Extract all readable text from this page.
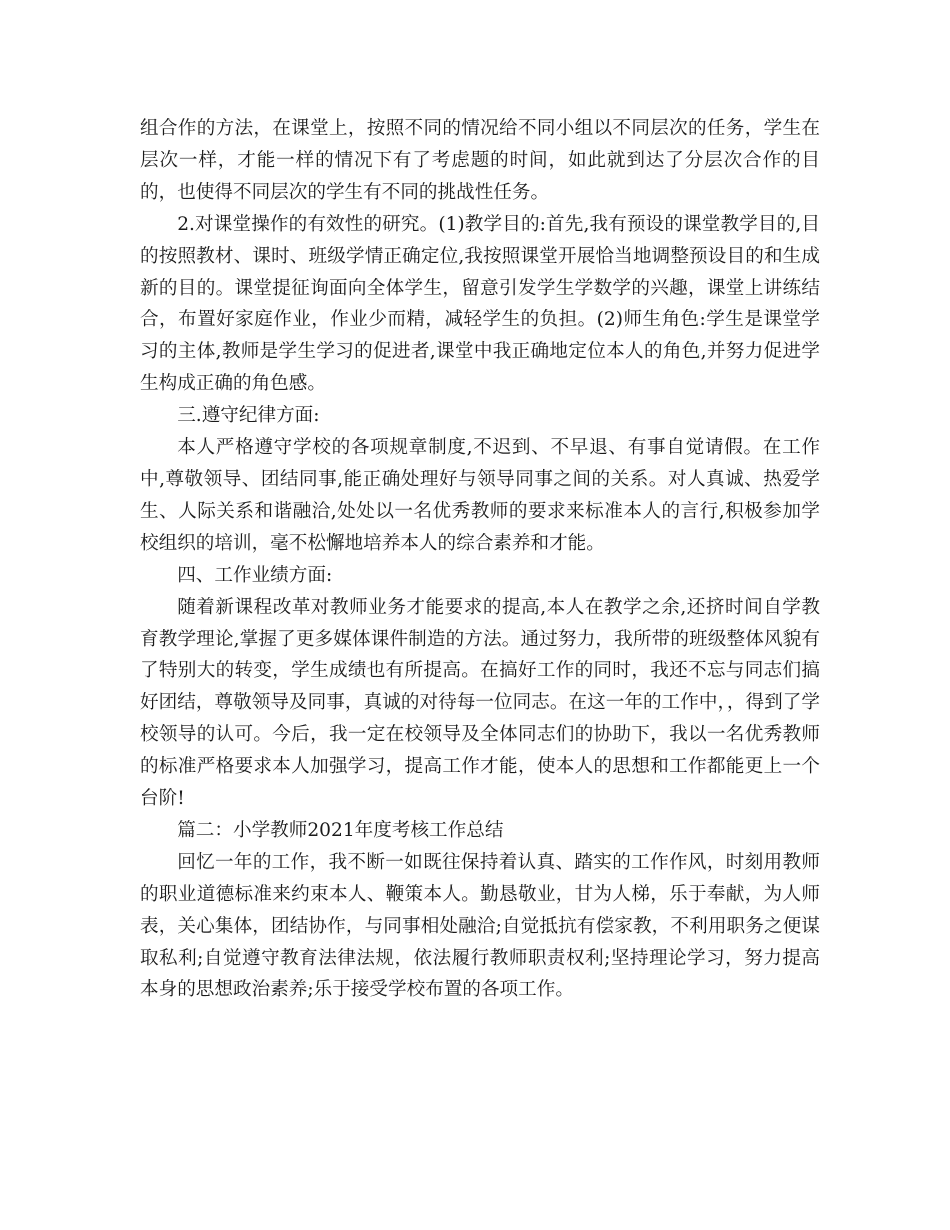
组合作的方法，在课堂上，按照不同的情况给不同小组以不同层次的任务，学生在层次一样，才能一样的情况下有了考虑题的时间，如此就到达了分层次合作的目的，也使得不同层次的学生有不同的挑战性任务。

2.对课堂操作的有效性的研究。(1)教学目的:首先,我有预设的课堂教学目的,目的按照教材、课时、班级学情正确定位,我按照课堂开展恰当地调整预设目的和生成新的目的。课堂提征询面向全体学生，留意引发学生学数学的兴趣，课堂上讲练结合，布置好家庭作业，作业少而精，减轻学生的负担。(2)师生角色:学生是课堂学习的主体,教师是学生学习的促进者,课堂中我正确地定位本人的角色,并努力促进学生构成正确的角色感。

三.遵守纪律方面:

本人严格遵守学校的各项规章制度,不迟到、不早退、有事自觉请假。在工作中,尊敬领导、团结同事,能正确处理好与领导同事之间的关系。对人真诚、热爱学生、人际关系和谐融洽,处处以一名优秀教师的要求来标准本人的言行,积极参加学校组织的培训，毫不松懈地培养本人的综合素养和才能。

四、工作业绩方面:

随着新课程改革对教师业务才能要求的提高,本人在教学之余,还挤时间自学教育教学理论,掌握了更多媒体课件制造的方法。通过努力，我所带的班级整体风貌有了特别大的转变，学生成绩也有所提高。在搞好工作的同时，我还不忘与同志们搞好团结，尊敬领导及同事，真诚的对待每一位同志。在这一年的工作中，，得到了学校领导的认可。今后，我一定在校领导及全体同志们的协助下，我以一名优秀教师的标准严格要求本人加强学习，提高工作才能，使本人的思想和工作都能更上一个台阶!

篇二：小学教师2021年度考核工作总结

回忆一年的工作，我不断一如既往保持着认真、踏实的工作作风，时刻用教师的职业道德标准来约束本人、鞭策本人。勤恳敬业，甘为人梯，乐于奉献，为人师表，关心集体，团结协作，与同事相处融洽;自觉抵抗有偿家教，不利用职务之便谋取私利;自觉遵守教育法律法规，依法履行教师职责权利;坚持理论学习，努力提高本身的思想政治素养;乐于接受学校布置的各项工作。
